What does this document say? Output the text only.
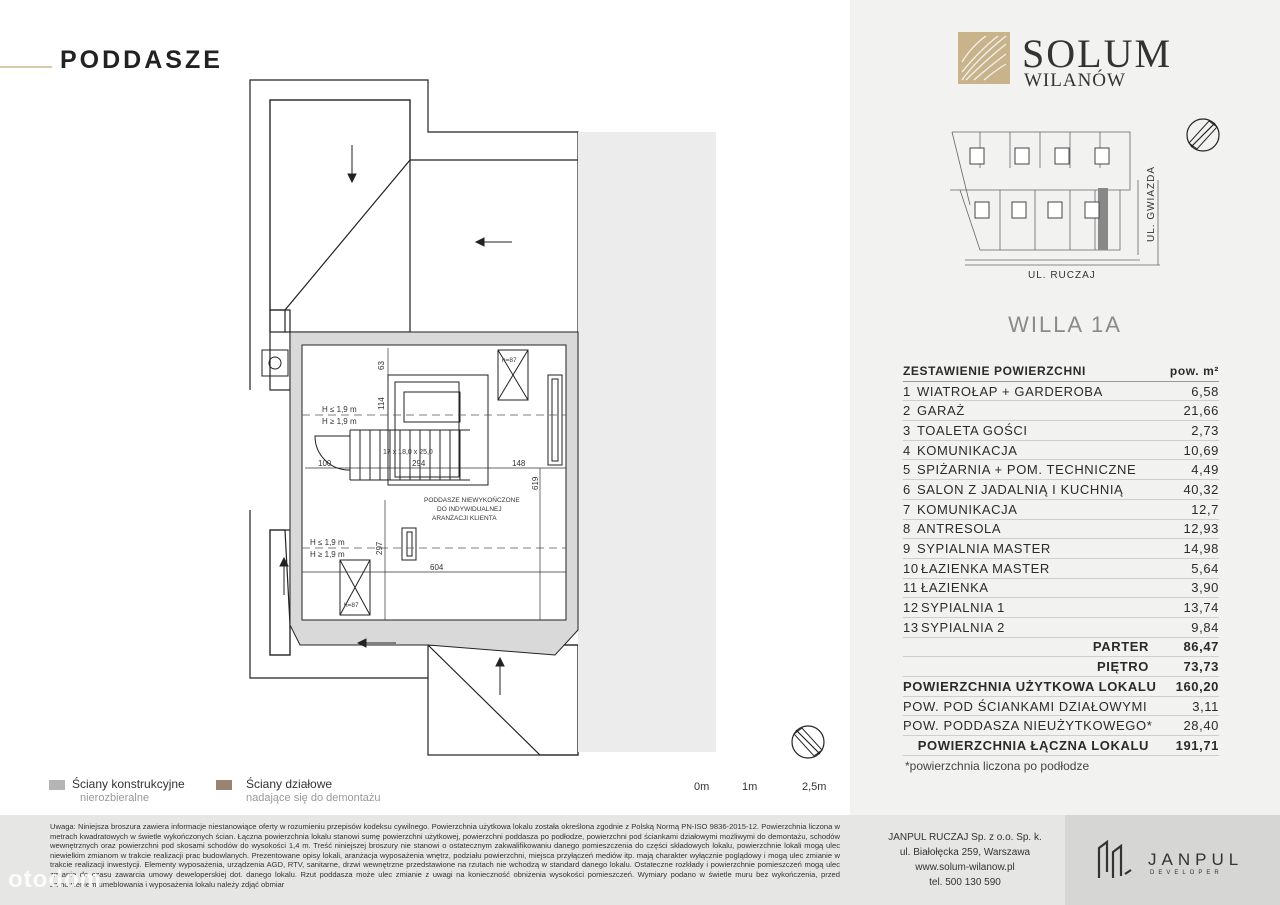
PODDASZE
100	294	148
604
63
114
619
297
H ≤ 1,9 m
H ≥ 1,9 m
H ≤ 1,9 m
H ≥ 1,9 m
17 x 18,0 x 25,0
PODDASZE NIEWYKOŃCZONE
DO INDYWIDUALNEJ
ARANŻACJI KLIENTA
h=87
h=87
Ściany konstrukcyjne
nierozbieralne
Ściany działowe
nadające się do demontażu
0m	1m	2,5m
SOLUM
WILANÓW
UL. RUCZAJ
UL. GWIAZDA
WILLA 1A
ZESTAWIENIE POWIERZCHNI	pow. m²
1 WIATROŁAP + GARDEROBA	6,58
2 GARAŻ	21,66
3 TOALETA GOŚCI	2,73
4 KOMUNIKACJA	10,69
5 SPIŻARNIA + POM. TECHNICZNE	4,49
6 SALON Z JADALNIĄ I KUCHNIĄ	40,32
7 KOMUNIKACJA	12,7
8 ANTRESOLA	12,93
9 SYPIALNIA MASTER	14,98
10 ŁAZIENKA MASTER	5,64
11 ŁAZIENKA	3,90
12 SYPIALNIA 1	13,74
13 SYPIALNIA 2	9,84
PARTER	86,47
PIĘTRO	73,73
POWIERZCHNIA UŻYTKOWA LOKALU	160,20
POW. POD ŚCIANKAMI DZIAŁOWYMI	3,11
POW. PODDASZA NIEUŻYTKOWEGO*	28,40
POWIERZCHNIA ŁĄCZNA LOKALU	191,71
*powierzchnia liczona po podłodze
Uwaga: Niniejsza broszura zawiera informacje niestanowiące oferty w rozumieniu przepisów kodeksu cywilnego. Powierzchnia użytkowa lokalu została określona zgodnie z Polską Normą PN-ISO 9836-2015-12. Powierzchnia liczona w metrach kwadratowych w świetle wykończonych ścian. Łączna powierzchnia lokalu stanowi sumę powierzchni użytkowej, powierzchni poddasza po podłodze, powierzchni pod ściankami działowymi możliwymi do demontażu, schodów wewnętrznych oraz powierzchni pod skosami schodów do wysokości 1,4 m. Treść niniejszej broszury nie stanowi o ostatecznym zakwalifikowaniu danego pomieszczenia do części składowych lokalu, powierzchnie lokali mogą ulec niewielkim zmianom w trakcie realizacji prac budowlanych. Prezentowane opisy lokali, aranżacja wyposażenia wnętrz, podziału powierzchni, miejsca przyłączeń mediów itp. mają charakter wyłącznie poglądowy i mogą ulec zmianie w trakcie realizacji inwestycji. Elementy wyposażenia, urządzenia AGD, RTV, sanitarne, drzwi wewnętrzne przedstawione na rzutach nie wchodzą w standard danego lokalu. Ostateczne rozkłady i powierzchnie pomieszczeń mogą ulec zmianie do czasu zawarcia umowy deweloperskiej dot. danego lokalu. Rzut poddasza może ulec zmianie z uwagi na konieczność obniżenia wysokości pomieszczeń. Wymiary podano w świetle muru bez wykończenia, przed zamówieniem umeblowania i wyposażenia lokalu należy zdjąć obmiar
JANPUL RUCZAJ Sp. z o.o. Sp. k.
ul. Białołęcka 259, Warszawa
www.solum-wilanow.pl
tel. 500 130 590
JANPUL
DEVELOPER
otodom
